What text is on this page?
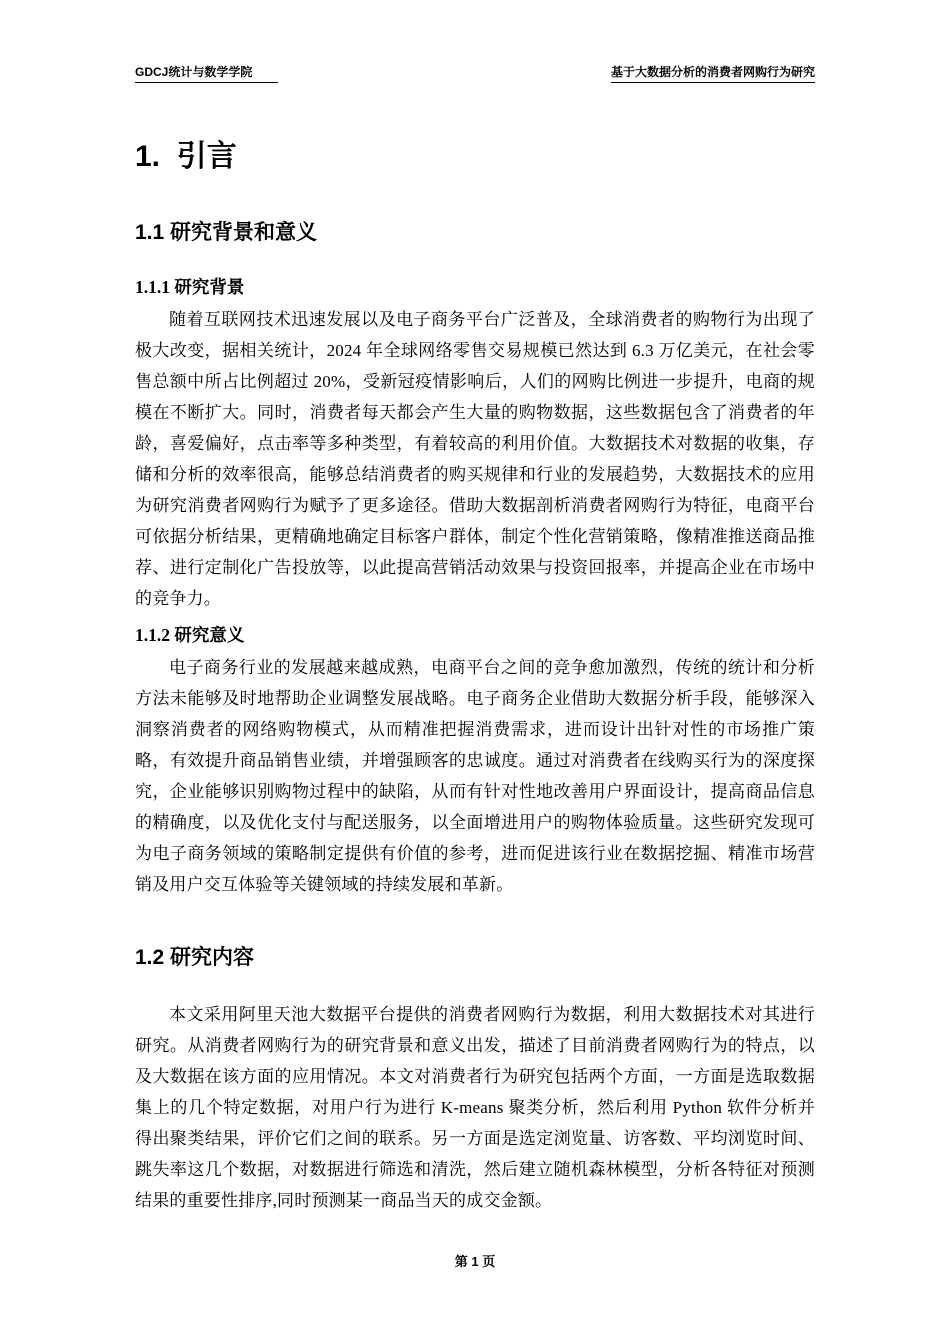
GDCJ统计与数学学院	基于大数据分析的消费者网购行为研究
1.  引言
1.1 研究背景和意义
1.1.1 研究背景

随着互联网技术迅速发展以及电子商务平台广泛普及，全球消费者的购物行为出现了极大改变，据相关统计，2024 年全球网络零售交易规模已然达到 6.3 万亿美元，在社会零售总额中所占比例超过 20%，受新冠疫情影响后，人们的网购比例进一步提升，电商的规模在不断扩大。同时，消费者每天都会产生大量的购物数据，这些数据包含了消费者的年龄，喜爱偏好，点击率等多种类型，有着较高的利用价值。大数据技术对数据的收集，存储和分析的效率很高，能够总结消费者的购买规律和行业的发展趋势，大数据技术的应用为研究消费者网购行为赋予了更多途径。借助大数据剖析消费者网购行为特征，电商平台可依据分析结果，更精确地确定目标客户群体，制定个性化营销策略，像精准推送商品推荐、进行定制化广告投放等，以此提高营销活动效果与投资回报率，并提高企业在市场中的竞争力。

1.1.2 研究意义

电子商务行业的发展越来越成熟，电商平台之间的竞争愈加激烈，传统的统计和分析方法未能够及时地帮助企业调整发展战略。电子商务企业借助大数据分析手段，能够深入洞察消费者的网络购物模式，从而精准把握消费需求，进而设计出针对性的市场推广策略，有效提升商品销售业绩，并增强顾客的忠诚度。通过对消费者在线购买行为的深度探究，企业能够识别购物过程中的缺陷，从而有针对性地改善用户界面设计，提高商品信息的精确度，以及优化支付与配送服务，以全面增进用户的购物体验质量。这些研究发现可为电子商务领域的策略制定提供有价值的参考，进而促进该行业在数据挖掘、精准市场营销及用户交互体验等关键领域的持续发展和革新。

1.2 研究内容

本文采用阿里天池大数据平台提供的消费者网购行为数据，利用大数据技术对其进行研究。从消费者网购行为的研究背景和意义出发，描述了目前消费者网购行为的特点，以及大数据在该方面的应用情况。本文对消费者行为研究包括两个方面，一方面是选取数据集上的几个特定数据，对用户行为进行 K-means 聚类分析，然后利用 Python 软件分析并得出聚类结果，评价它们之间的联系。另一方面是选定浏览量、访客数、平均浏览时间、跳失率这几个数据，对数据进行筛选和清洗，然后建立随机森林模型，分析各特征对预测结果的重要性排序,同时预测某一商品当天的成交金额。

第 1 页
